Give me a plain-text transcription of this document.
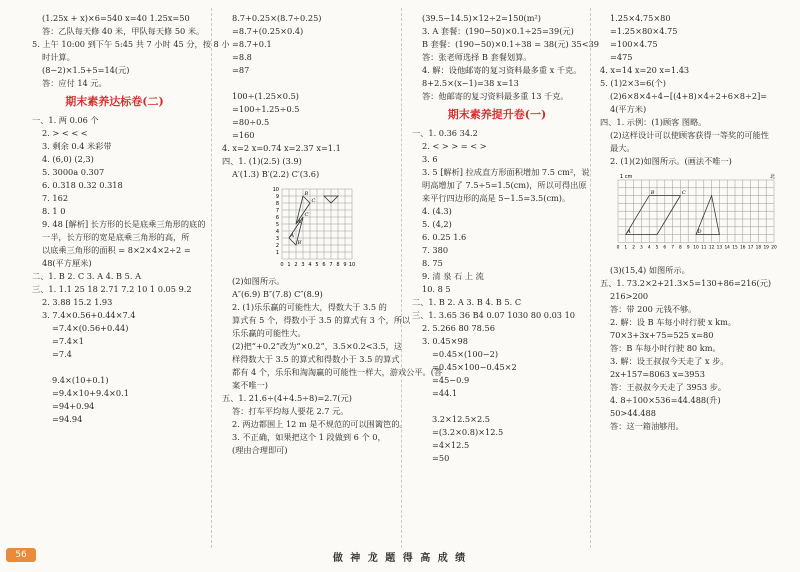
(1.25x + x)×6=540 x=40 1.25x=50
答：乙队每天修 40 米，甲队每天修 50 米。
5. 上午 10:00 到下午 5:45 共 7 小时 45 分，按 8 小
时计算。
(8−2)×1.5+5=14(元)
答：应付 14 元。
期末素养达标卷(二)
一、1. 两 0.06 个
2. > < < <
3. 剩余 0.4 米彩带
4. (6,0) (2,3)
5. 3000a 0.307
6. 0.318 0.32 0.318
7. 162
8. 1 0
9. 48 [解析] 长方形的长是底乘三角形的底的
一半，长方形的宽是底乘三角形的高，所
以底乘三角形的面积 = 8×2×4×2÷2 =
48(平方厘米)
二、1. B 2. C 3. A 4. B 5. A
三、1. 1.1 25 18 2.71 7.2 10 1 0.05 9.2
2. 3.88 15.2 1.93
3. 7.4×0.56+0.44×7.4
=7.4×(0.56+0.44)
=7.4×1
=7.4

9.4×(10+0.1)
=9.4×10+9.4×0.1
=94+0.94
=94.94
8.7+0.25×(8.7÷0.25)
=8.7+(0.25×0.4)
=8.7+0.1
=8.8
=87

100÷(1.25×0.5)
=100÷1.25÷0.5
=80÷0.5
=160
4. x=2 x=0.74 x=2.37 x=1.1
四、1. (1)(2.5) (3.9)
A′(1.3) B′(2.2) C′(3.6)
10
9
8
7
6
5
4
3
2
1
0 1 2 3 4 5 6 7 8 9 10
A
B
C
A′
B′
C′
(2)如图所示。
A″(6.9) B″(7.8) C″(8.9)
2. (1)乐乐赢的可能性大，得数大于 3.5 的
算式有 5 个，得数小于 3.5 的算式有 3 个，所以
乐乐赢的可能性大。
(2)把“+0.2”改为“×0.2”，3.5×0.2<3.5，这
样得数大于 3.5 的算式和得数小于 3.5 的算式
都有 4 个，乐乐和淘淘赢的可能性一样大，游戏公平。(答
案不唯一)
五、1. 21.6÷(4+4.5÷8)=2.7(元)
答：打车平均每人要花 2.7 元。
2. 两边都围上 12 m 是不规范的可以围篱笆的。
3. 不正确，如果把这个 1 段做到 6 个 0，
(理由合理即可)
(39.5−14.5)×12÷2=150(m²)
3. A 套餐：(190−50)×0.1÷25=39(元)
B 套餐：(190−50)×0.1÷38 = 38(元) 35<39
答：张老师选择 B 套餐划算。
4. 解：设他邮寄的复习资料最多重 x 千克。
8+2.5×(x−1)=38 x=13
答：他邮寄的复习资料最多重 13 千克。
期末素养提升卷(一)
一、1. 0.36 34.2
2. < > > = < >
3. 6
3. 5 [解析] 拉成直方形面积增加 7.5 cm²，说
明高增加了 7.5÷5=1.5(cm)，所以可得出原
来平行四边形的高是 5−1.5=3.5(cm)。
4. (4.3)
5. (4,2)
6. 0.25 1.6
7. 380
8. 75
9. 清 泉 石 上 流
10. 8 5
二、1. B 2. A 3. B 4. B 5. C
三、1. 3.65 36 B4 0.07 1030 80 0.03 10
2. 5.266 80 78.56
3. 0.45×98
=0.45×(100−2)
=0.45×100−0.45×2
=45−0.9
=44.1

3.2×12.5×2.5
=(3.2×0.8)×12.5
=4×12.5
=50
1.25×4.75×80
=1.25×80×4.75
=100×4.75
=475
4. x=14 x=20 x=1.43
5. (1)2×3=6(个)
(2)6×8×4÷4−[(4+8)×4÷2+6×8÷2]=
4(平方米)
四、1. 示例：(1)顾客 图略。
(2)这样设计可以使顾客获得一等奖的可能性
最大。
2. (1)(2)如图所示。(画法不唯一)
1 cm	北
0 1 2 3 4 5 6 7 8 9 10 11 12 13 14 15 16 17 18 19 20
A
B	C
D
(3)(15,4) 如图所示。
五、1. 73.2×2+21.3×5=130+86=216(元)
216>200
答：带 200 元钱不够。
2. 解：设 B 车每小时行驶 x km。
70×3+3x+75=525 x=80
答：B 车每小时行驶 80 km。
3. 解：设王叔叔今天走了 x 步。
2x+157=8063 x=3953
答：王叔叔今天走了 3953 步。
4. 8÷100×536=44.488(升)
50>44.488
答：这一箱油够用。
56	做 神 龙 题 得 高 成 绩
